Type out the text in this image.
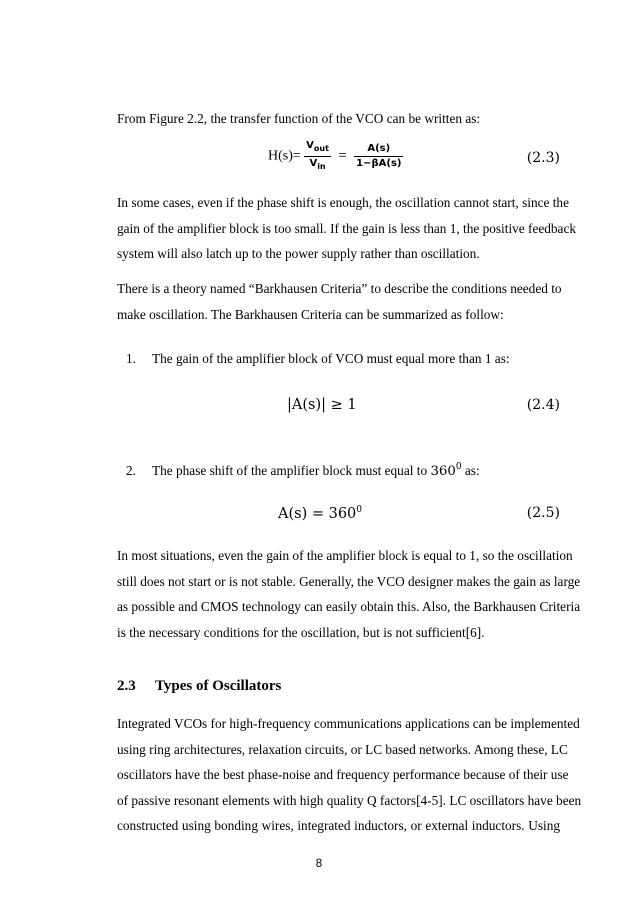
From Figure 2.2, the transfer function of the VCO can be written as:
$H(s)= \frac{V_{out}}{V_{in}} = \frac{A(s)}{1-\beta A(s)}$	(2.3)
In some cases, even if the phase shift is enough, the oscillation cannot start, since the
gain of the amplifier block is too small. If the gain is less than 1, the positive feedback
system will also latch up to the power supply rather than oscillation.
There is a theory named “Barkhausen Criteria” to describe the conditions needed to
make oscillation. The Barkhausen Criteria can be summarized as follow:
1. The gain of the amplifier block of VCO must equal more than 1 as:
|A(s)| ≥ 1	(2.4)
2. The phase shift of the amplifier block must equal to $360^0$ as:
$A(s) = 360^0$	(2.5)
In most situations, even the gain of the amplifier block is equal to 1, so the oscillation
still does not start or is not stable. Generally, the VCO designer makes the gain as large
as possible and CMOS technology can easily obtain this. Also, the Barkhausen Criteria
is the necessary conditions for the oscillation, but is not sufficient[6].
2.3 Types of Oscillators
Integrated VCOs for high-frequency communications applications can be implemented
using ring architectures, relaxation circuits, or LC based networks. Among these, LC
oscillators have the best phase-noise and frequency performance because of their use
of passive resonant elements with high quality Q factors[4-5]. LC oscillators have been
constructed using bonding wires, integrated inductors, or external inductors. Using
8
